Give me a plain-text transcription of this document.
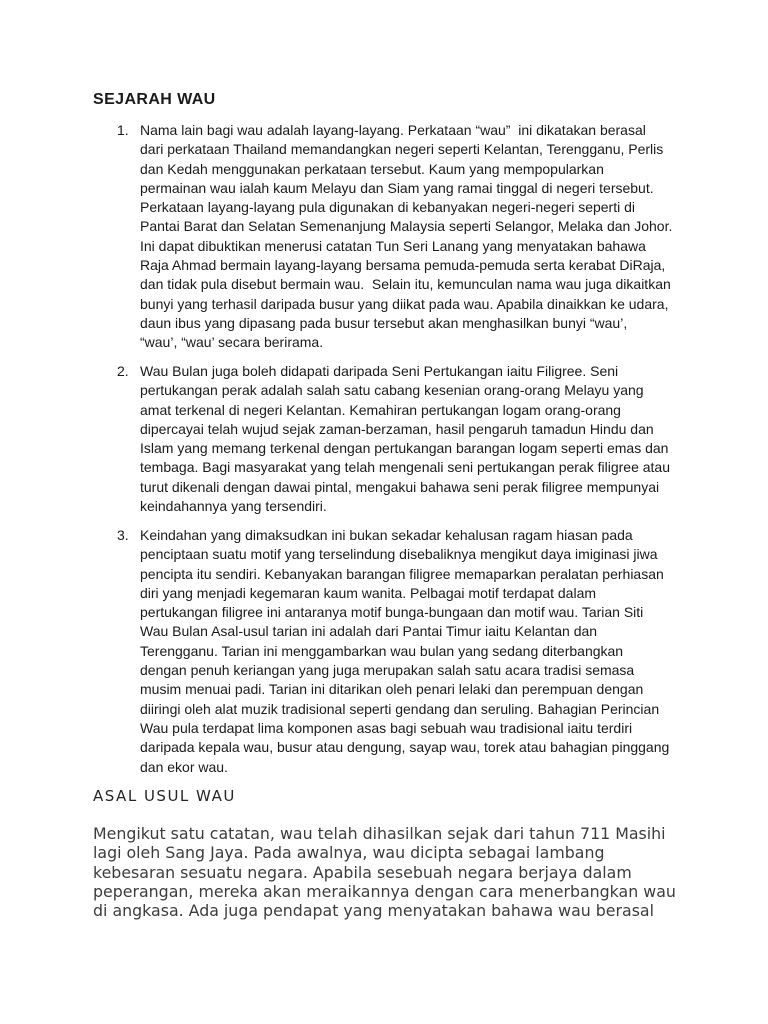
SEJARAH WAU
1. Nama lain bagi wau adalah layang-layang. Perkataan “wau”  ini dikatakan berasal
dari perkataan Thailand memandangkan negeri seperti Kelantan, Terengganu, Perlis
dan Kedah menggunakan perkataan tersebut. Kaum yang mempopularkan
permainan wau ialah kaum Melayu dan Siam yang ramai tinggal di negeri tersebut.
Perkataan layang-layang pula digunakan di kebanyakan negeri-negeri seperti di
Pantai Barat dan Selatan Semenanjung Malaysia seperti Selangor, Melaka dan Johor.
Ini dapat dibuktikan menerusi catatan Tun Seri Lanang yang menyatakan bahawa
Raja Ahmad bermain layang-layang bersama pemuda-pemuda serta kerabat DiRaja,
dan tidak pula disebut bermain wau.  Selain itu, kemunculan nama wau juga dikaitkan
bunyi yang terhasil daripada busur yang diikat pada wau. Apabila dinaikkan ke udara,
daun ibus yang dipasang pada busur tersebut akan menghasilkan bunyi “wau’,
“wau’, “wau’ secara berirama.
2. Wau Bulan juga boleh didapati daripada Seni Pertukangan iaitu Filigree. Seni
pertukangan perak adalah salah satu cabang kesenian orang-orang Melayu yang
amat terkenal di negeri Kelantan. Kemahiran pertukangan logam orang-orang
dipercayai telah wujud sejak zaman-berzaman, hasil pengaruh tamadun Hindu dan
Islam yang memang terkenal dengan pertukangan barangan logam seperti emas dan
tembaga. Bagi masyarakat yang telah mengenali seni pertukangan perak filigree atau
turut dikenali dengan dawai pintal, mengakui bahawa seni perak filigree mempunyai
keindahannya yang tersendiri.
3. Keindahan yang dimaksudkan ini bukan sekadar kehalusan ragam hiasan pada
penciptaan suatu motif yang terselindung disebaliknya mengikut daya imiginasi jiwa
pencipta itu sendiri. Kebanyakan barangan filigree memaparkan peralatan perhiasan
diri yang menjadi kegemaran kaum wanita. Pelbagai motif terdapat dalam
pertukangan filigree ini antaranya motif bunga-bungaan dan motif wau. Tarian Siti
Wau Bulan Asal-usul tarian ini adalah dari Pantai Timur iaitu Kelantan dan
Terengganu. Tarian ini menggambarkan wau bulan yang sedang diterbangkan
dengan penuh keriangan yang juga merupakan salah satu acara tradisi semasa
musim menuai padi. Tarian ini ditarikan oleh penari lelaki dan perempuan dengan
diiringi oleh alat muzik tradisional seperti gendang dan seruling. Bahagian Perincian
Wau pula terdapat lima komponen asas bagi sebuah wau tradisional iaitu terdiri
daripada kepala wau, busur atau dengung, sayap wau, torek atau bahagian pinggang
dan ekor wau.
ASAL USUL WAU
Mengikut satu catatan, wau telah dihasilkan sejak dari tahun 711 Masihi
lagi oleh Sang Jaya. Pada awalnya, wau dicipta sebagai lambang
kebesaran sesuatu negara. Apabila sesebuah negara berjaya dalam
peperangan, mereka akan meraikannya dengan cara menerbangkan wau
di angkasa. Ada juga pendapat yang menyatakan bahawa wau berasal
